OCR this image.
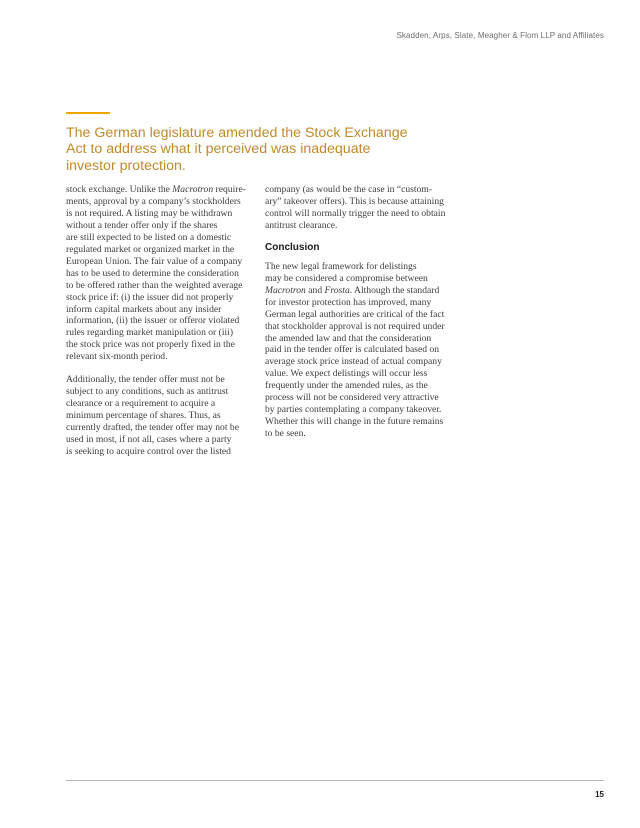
Skadden, Arps, Slate, Meagher & Flom LLP and Affiliates
The German legislature amended the Stock Exchange
Act to address what it perceived was inadequate
investor protection.
stock exchange. Unlike the Macrotron require-
ments, approval by a company’s stockholders
is not required. A listing may be withdrawn
without a tender offer only if the shares
are still expected to be listed on a domestic
regulated market or organized market in the
European Union. The fair value of a company
has to be used to determine the consideration
to be offered rather than the weighted average
stock price if: (i) the issuer did not properly
inform capital markets about any insider
information, (ii) the issuer or offeror violated
rules regarding market manipulation or (iii)
the stock price was not properly fixed in the
relevant six-month period.
Additionally, the tender offer must not be
subject to any conditions, such as antitrust
clearance or a requirement to acquire a
minimum percentage of shares. Thus, as
currently drafted, the tender offer may not be
used in most, if not all, cases where a party
is seeking to acquire control over the listed
company (as would be the case in “custom-
ary” takeover offers). This is because attaining
control will normally trigger the need to obtain
antitrust clearance.
Conclusion
The new legal framework for delistings
may be considered a compromise between
Macrotron and Frosta. Although the standard
for investor protection has improved, many
German legal authorities are critical of the fact
that stockholder approval is not required under
the amended law and that the consideration
paid in the tender offer is calculated based on
average stock price instead of actual company
value. We expect delistings will occur less
frequently under the amended rules, as the
process will not be considered very attractive
by parties contemplating a company takeover.
Whether this will change in the future remains
to be seen.
15
